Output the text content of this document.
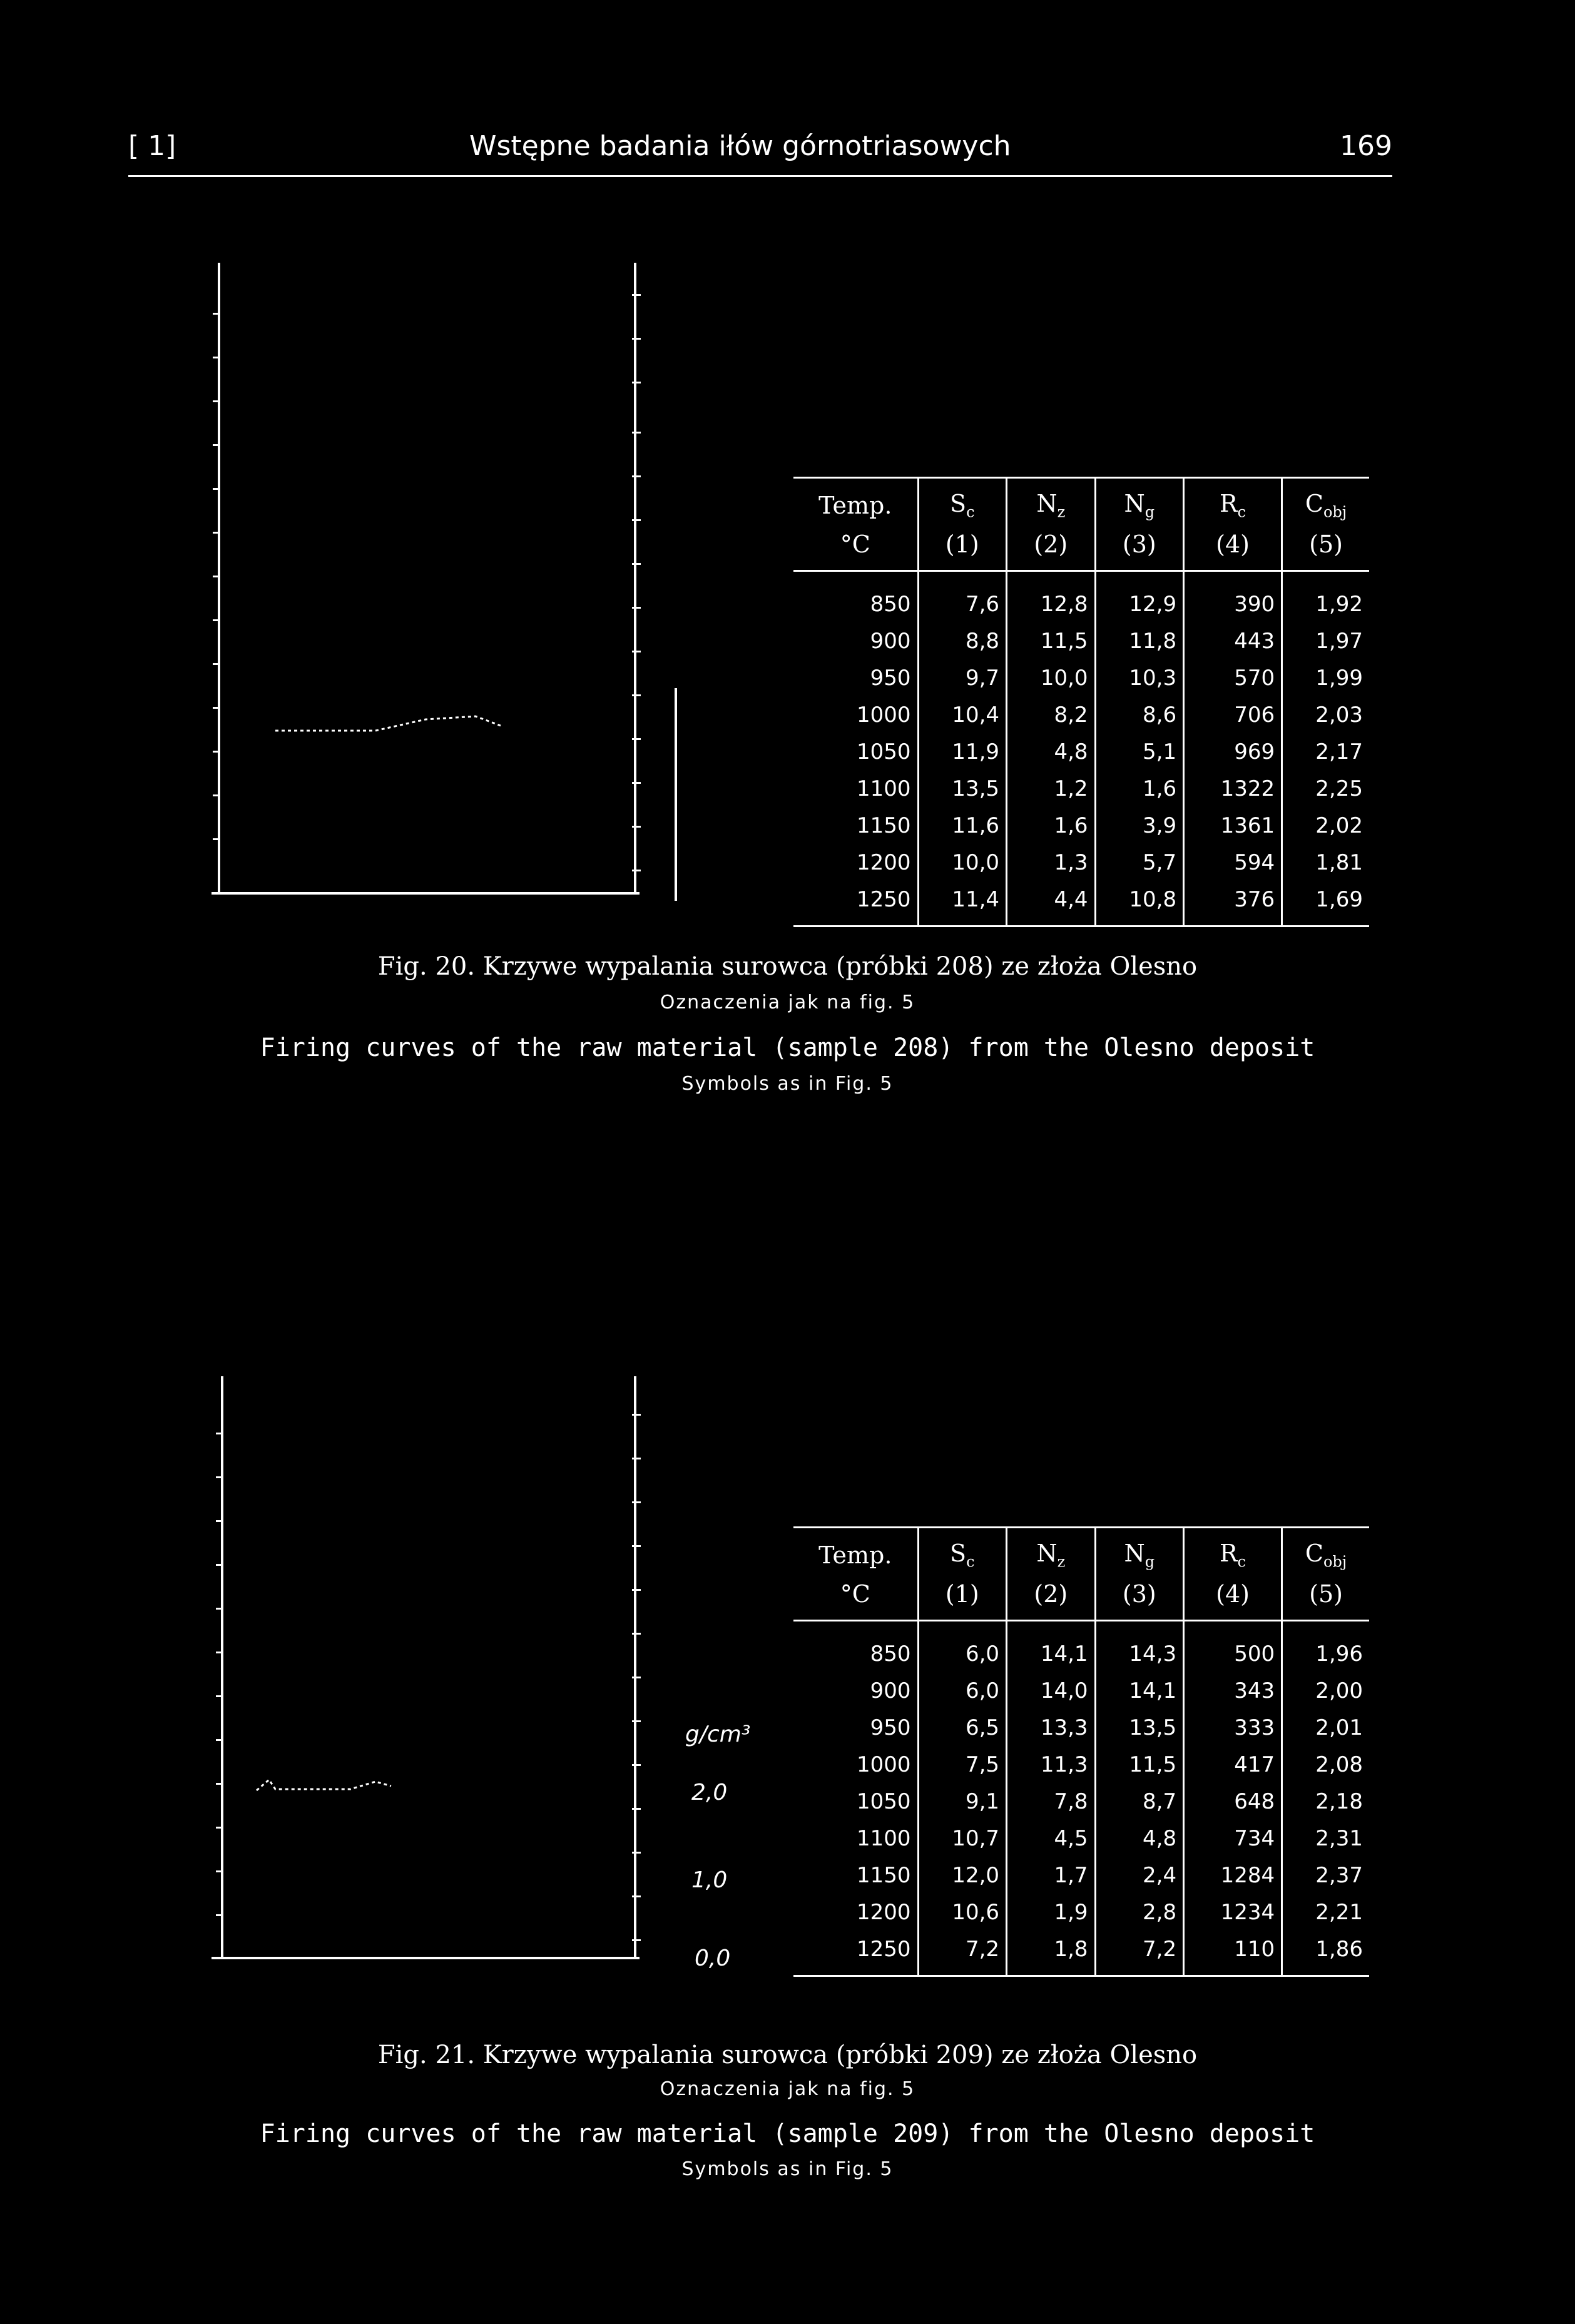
[ 1]	Wstępne badania iłów górnotriasowych	169
Temp.	$S_c$	$N_z$	$N_g$	$R_c$	$C_{obj}$
°C	(1)	(2)	(3)	(4)	(5)
850	7,6	12,8	12,9	390	1,92
900	8,8	11,5	11,8	443	1,97
950	9,7	10,0	10,3	570	1,99
1000	10,4	8,2	8,6	706	2,03
1050	11,9	4,8	5,1	969	2,17
1100	13,5	1,2	1,6	1322	2,25
1150	11,6	1,6	3,9	1361	2,02
1200	10,0	1,3	5,7	594	1,81
1250	11,4	4,4	10,8	376	1,69
Fig. 20. Krzywe wypalania surowca (próbki 208) ze złoża Olesno
Oznaczenia jak na fig. 5
Firing curves of the raw material (sample 208) from the Olesno deposit
Symbols as in Fig. 5
g/cm³
2,0
1,0
0,0
Temp.	$S_c$	$N_z$	$N_g$	$R_c$	$C_{obj}$
°C	(1)	(2)	(3)	(4)	(5)
850	6,0	14,1	14,3	500	1,96
900	6,0	14,0	14,1	343	2,00
950	6,5	13,3	13,5	333	2,01
1000	7,5	11,3	11,5	417	2,08
1050	9,1	7,8	8,7	648	2,18
1100	10,7	4,5	4,8	734	2,31
1150	12,0	1,7	2,4	1284	2,37
1200	10,6	1,9	2,8	1234	2,21
1250	7,2	1,8	7,2	110	1,86
Fig. 21. Krzywe wypalania surowca (próbki 209) ze złoża Olesno
Oznaczenia jak na fig. 5
Firing curves of the raw material (sample 209) from the Olesno deposit
Symbols as in Fig. 5
